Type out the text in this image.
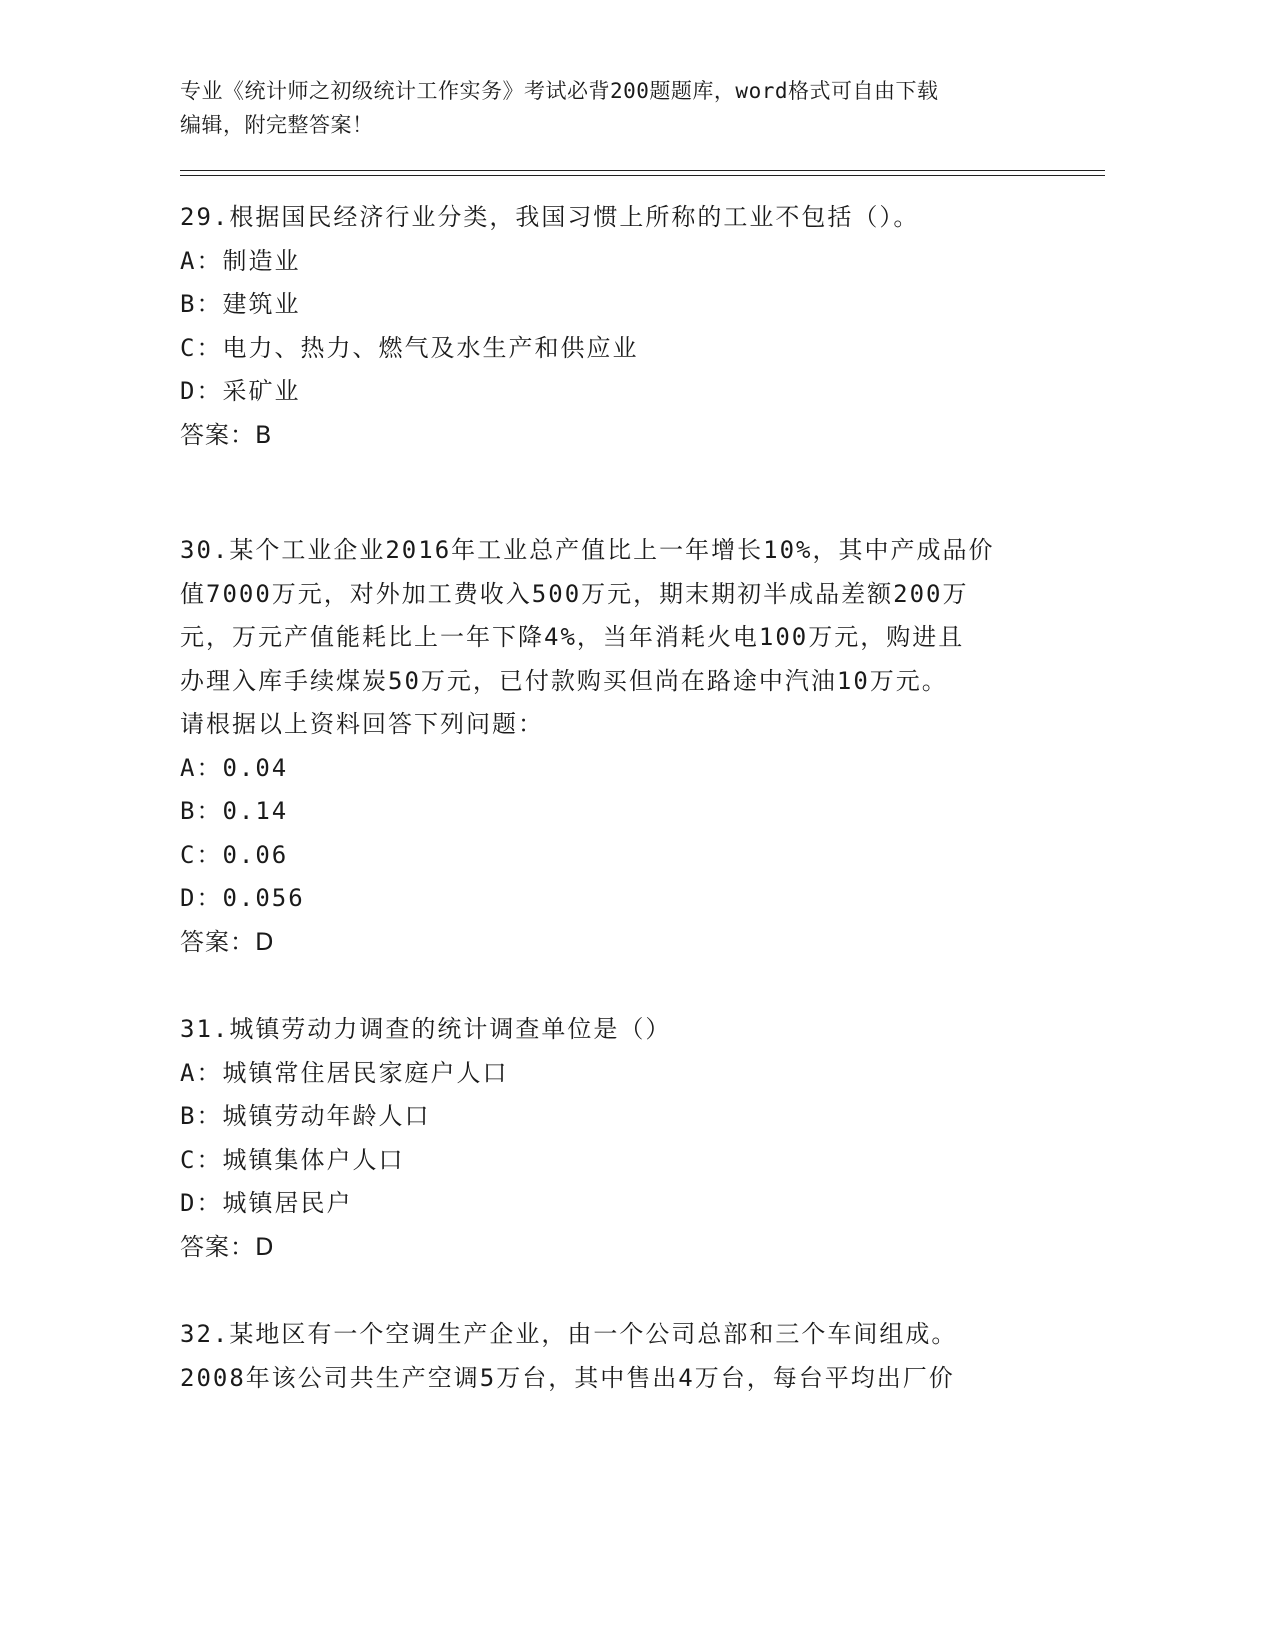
专业《统计师之初级统计工作实务》考试必背200题题库，word格式可自由下载
编辑，附完整答案！

29.根据国民经济行业分类，我国习惯上所称的工业不包括（）。

A：制造业

B：建筑业

C：电力、热力、燃气及水生产和供应业

D：采矿业

答案：B

30.某个工业企业2016年工业总产值比上一年增长10%，其中产成品价

值7000万元，对外加工费收入500万元，期末期初半成品差额200万

元，万元产值能耗比上一年下降4%，当年消耗火电100万元，购进且

办理入库手续煤炭50万元，已付款购买但尚在路途中汽油10万元。

请根据以上资料回答下列问题：

A：0.04

B：0.14

C：0.06

D：0.056

答案：D

31.城镇劳动力调查的统计调查单位是（）

A：城镇常住居民家庭户人口

B：城镇劳动年龄人口

C：城镇集体户人口

D：城镇居民户

答案：D

32.某地区有一个空调生产企业，由一个公司总部和三个车间组成。

2008年该公司共生产空调5万台，其中售出4万台，每台平均出厂价
